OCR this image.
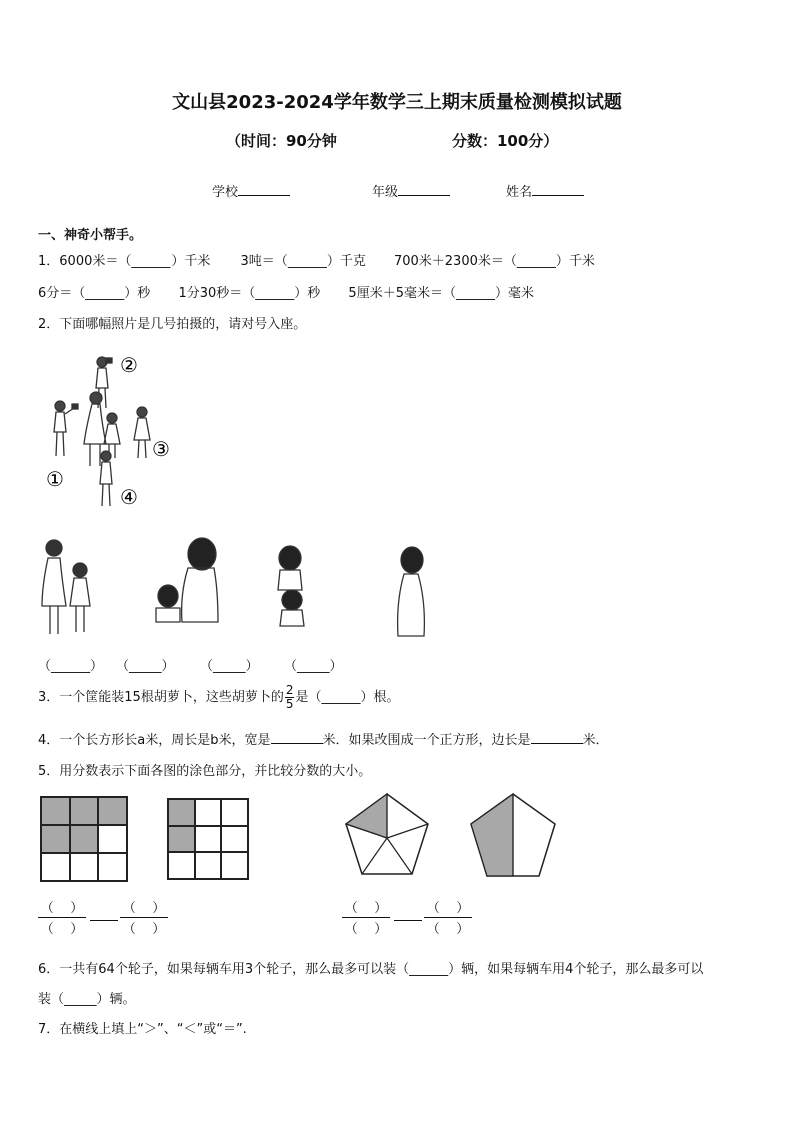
文山县2023-2024学年数学三上期末质量检测模拟试题
（时间：90分钟	分数：100分）
学校	年级	姓名
一、神奇小帮手。
1．6000米＝（______）千米 3吨＝（______）千克 700米＋2300米＝（______）千米
6分＝（______）秒 1分30秒＝（______）秒 5厘米＋5毫米＝（______）毫米
2．下面哪幅照片是几号拍摄的，请对号入座。
②
③
①
④
（______） （_____） （_____） （_____）
3．一个筐能装15根胡萝卜，这些胡萝卜的 $\frac{2}{5}$ 是（______）根。
4．一个长方形长a米，周长是b米，宽是	米．如果改围成一个正方形，边长是	米．
5．用分数表示下面各图的涂色部分，并比较分数的大小。
（ ）
（ ）
（ ）
（ ）
（ ）
（ ）
（ ）
（ ）
6．一共有64个轮子，如果每辆车用3个轮子，那么最多可以装（______）辆，如果每辆车用4个轮子，那么最多可以
装（_____）辆。
7．在横线上填上“＞”、“＜”或“＝”.
